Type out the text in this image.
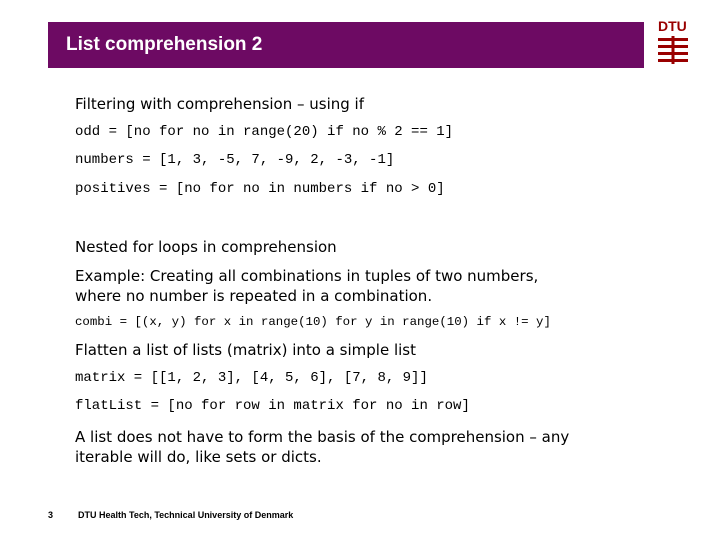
List comprehension 2
DTU
Filtering with comprehension – using if
odd = [no for no in range(20) if no % 2 == 1]
numbers = [1, 3, -5, 7, -9, 2, -3, -1]
positives = [no for no in numbers if no > 0]
Nested for loops in comprehension
Example: Creating all combinations in tuples of two numbers,
where no number is repeated in a combination.
combi = [(x, y) for x in range(10) for y in range(10) if x != y]
Flatten a list of lists (matrix) into a simple list
matrix = [[1, 2, 3], [4, 5, 6], [7, 8, 9]]
flatList = [no for row in matrix for no in row]
A list does not have to form the basis of the comprehension – any
iterable will do, like sets or dicts.
3	DTU Health Tech, Technical University of Denmark
